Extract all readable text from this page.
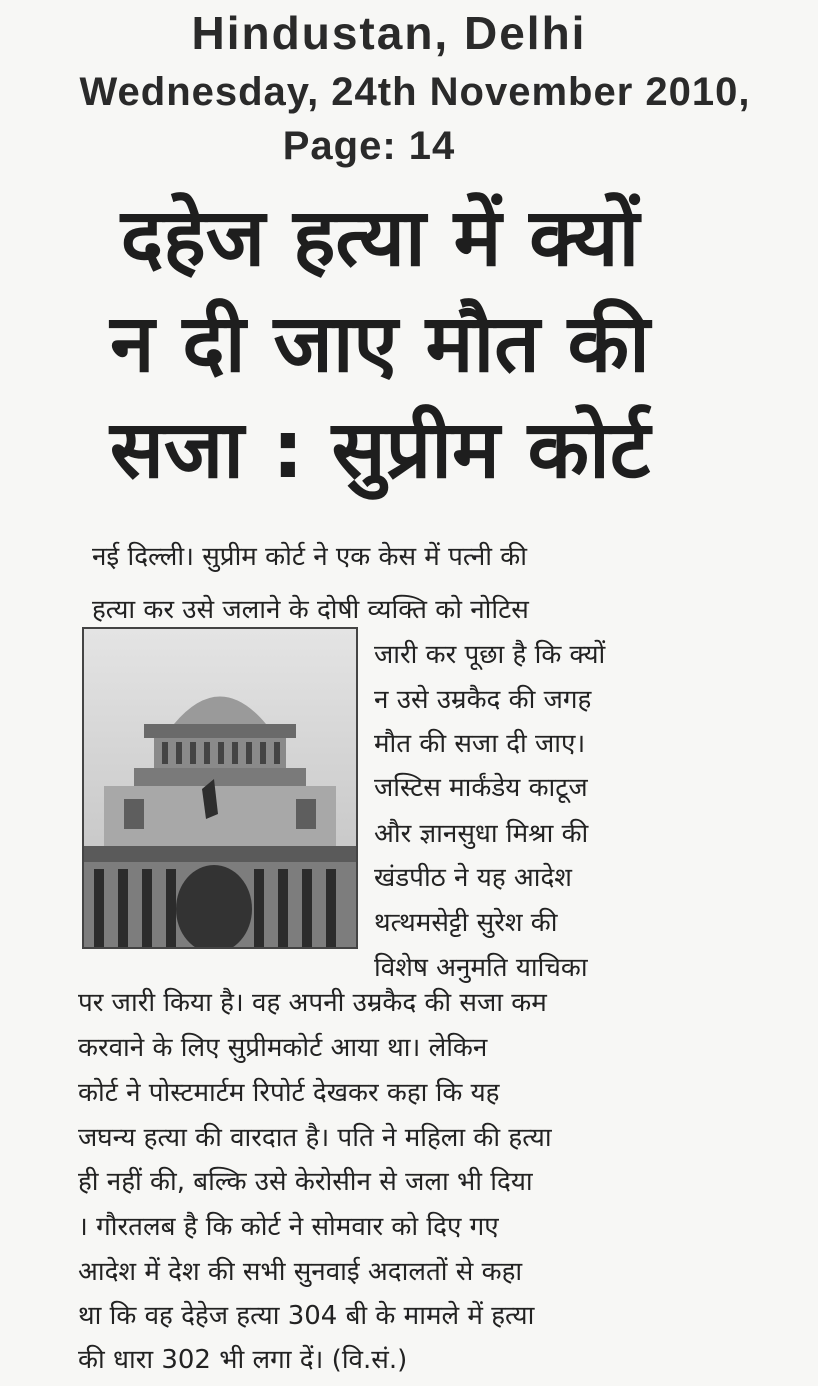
Hindustan, Delhi
Wednesday, 24th November 2010,
Page: 14
दहेज हत्या में क्यों
न दी जाए मौत की
सजा : सुप्रीम कोर्ट
नई दिल्ली। सुप्रीम कोर्ट ने एक केस में पत्नी की
हत्या कर उसे जलाने के दोषी व्यक्ति को नोटिस
जारी कर पूछा है कि क्यों
न उसे उम्रकैद की जगह
मौत की सजा दी जाए।
जस्टिस मार्कंडेय काटूज
और ज्ञानसुधा मिश्रा की
खंडपीठ ने यह आदेश
थत्थमसेट्टी सुरेश की
विशेष अनुमति याचिका
पर जारी किया है। वह अपनी उम्रकैद की सजा कम
करवाने के लिए सुप्रीमकोर्ट आया था। लेकिन
कोर्ट ने पोस्टमार्टम रिपोर्ट देखकर कहा कि यह
जघन्य हत्या की वारदात है। पति ने महिला की हत्या
ही नहीं की, बल्कि उसे केरोसीन से जला भी दिया
। गौरतलब है कि कोर्ट ने सोमवार को दिए गए
आदेश में देश की सभी सुनवाई अदालतों से कहा
था कि वह देहेज हत्या 304 बी के मामले में हत्या
की धारा 302 भी लगा दें। (वि.सं.)
